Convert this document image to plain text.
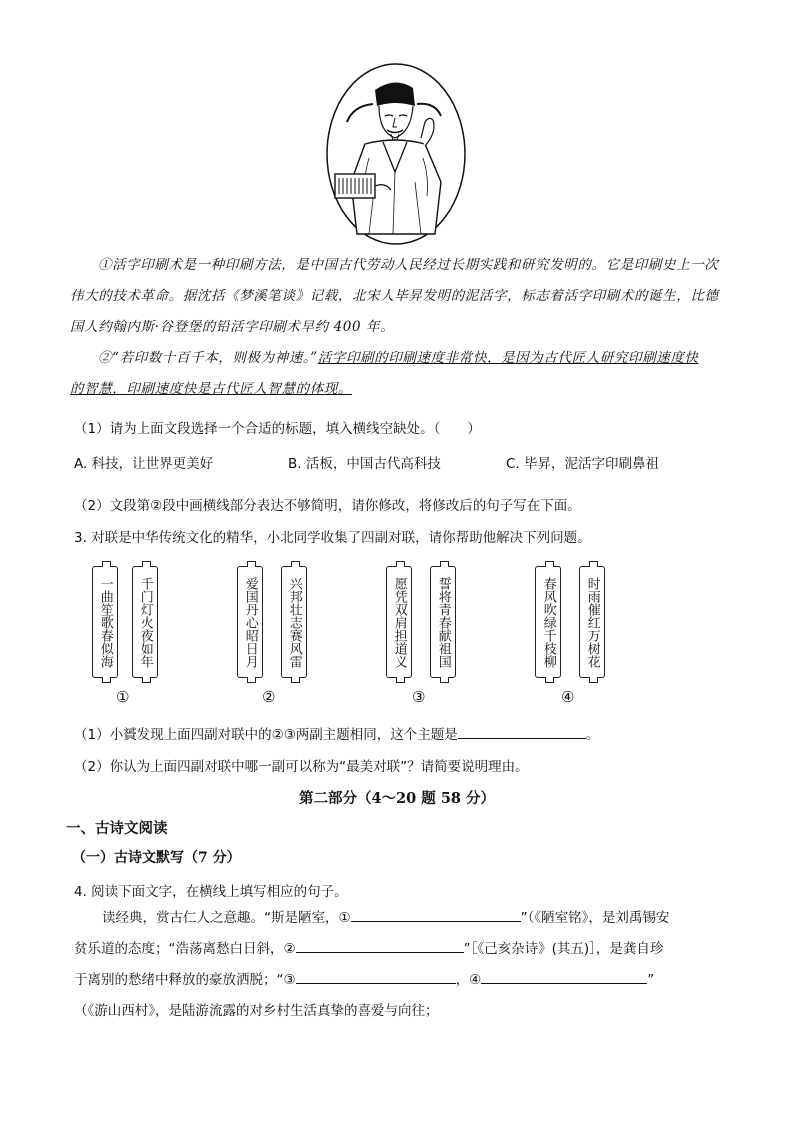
①活字印刷术是一种印刷方法，是中国古代劳动人民经过长期实践和研究发明的。它是印刷史上一次
伟大的技术革命。据沈括《梦溪笔谈》记载，北宋人毕昇发明的泥活字，标志着活字印刷术的诞生，比德
国人约翰内斯·谷登堡的铅活字印刷术早约 400 年。
②“若印数十百千本，则极为神速。”活字印刷的印刷速度非常快，是因为古代匠人研究印刷速度快
的智慧，印刷速度快是古代匠人智慧的体现。
（1）请为上面文段选择一个合适的标题，填入横线空缺处。（　　）
A. 科技，让世界更美好	B. 活板，中国古代高科技	C. 毕昇，泥活字印刷鼻祖
（2）文段第②段中画横线部分表达不够简明，请你修改，将修改后的句子写在下面。
3. 对联是中华传统文化的精华，小北同学收集了四副对联，请你帮助他解决下列问题。
一曲笙歌春似海	千门灯火夜如年
①
爱国丹心昭日月	兴邦壮志赛风雷
②
愿凭双肩担道义	誓将青春献祖国
③
春风吹绿千枝柳	时雨催红万树花
④
（1）小贇发现上面四副对联中的②③两副主题相同，这个主题是	。
（2）你认为上面四副对联中哪一副可以称为“最美对联”？请简要说明理由。
第二部分（4～20 题 58 分）
一、古诗文阅读
（一）古诗文默写（7 分）
4. 阅读下面文字，在横线上填写相应的句子。
读经典，赏古仁人之意趣。“斯是陋室，①	”（《陋室铭》，是刘禹锡安
贫乐道的态度；“浩荡离愁白日斜，②	”［《己亥杂诗》(其五)］，是龚自珍
于离别的愁绪中释放的豪放洒脱；“③	，④	”
（《游山西村》，是陆游流露的对乡村生活真挚的喜爱与向往；
